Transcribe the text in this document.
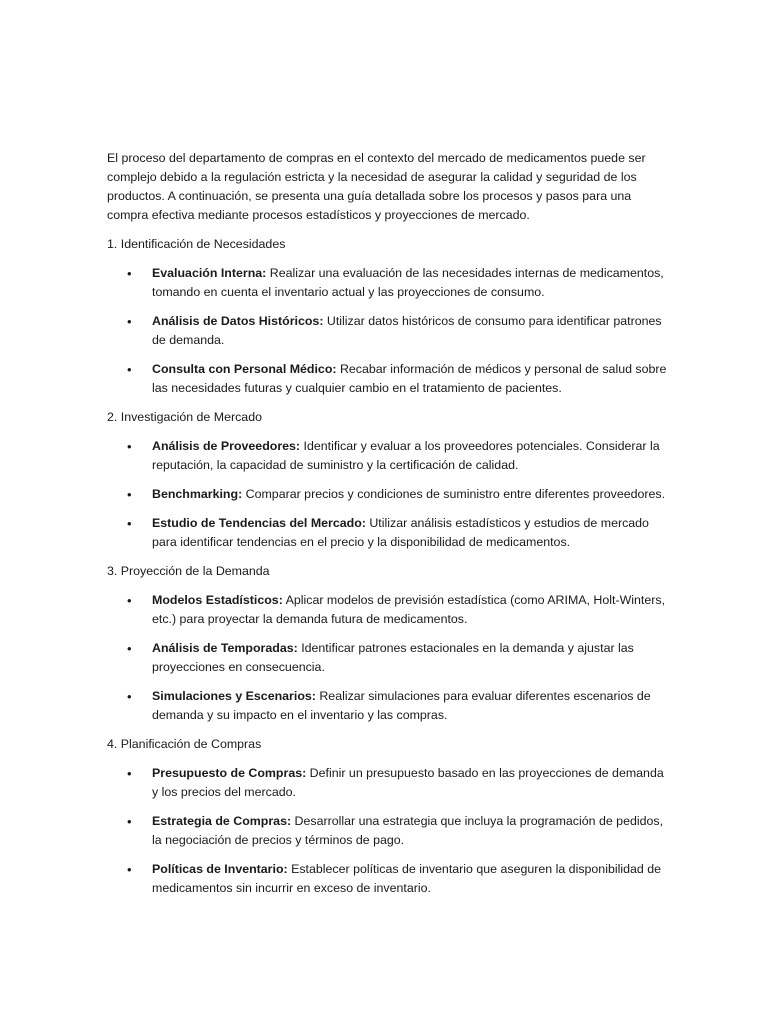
El proceso del departamento de compras en el contexto del mercado de medicamentos puede ser complejo debido a la regulación estricta y la necesidad de asegurar la calidad y seguridad de los productos. A continuación, se presenta una guía detallada sobre los procesos y pasos para una compra efectiva mediante procesos estadísticos y proyecciones de mercado.

1. Identificación de Necesidades

• Evaluación Interna: Realizar una evaluación de las necesidades internas de medicamentos, tomando en cuenta el inventario actual y las proyecciones de consumo.
• Análisis de Datos Históricos: Utilizar datos históricos de consumo para identificar patrones de demanda.
• Consulta con Personal Médico: Recabar información de médicos y personal de salud sobre las necesidades futuras y cualquier cambio en el tratamiento de pacientes.

2. Investigación de Mercado

• Análisis de Proveedores: Identificar y evaluar a los proveedores potenciales. Considerar la reputación, la capacidad de suministro y la certificación de calidad.
• Benchmarking: Comparar precios y condiciones de suministro entre diferentes proveedores.
• Estudio de Tendencias del Mercado: Utilizar análisis estadísticos y estudios de mercado para identificar tendencias en el precio y la disponibilidad de medicamentos.

3. Proyección de la Demanda

• Modelos Estadísticos: Aplicar modelos de previsión estadística (como ARIMA, Holt-Winters, etc.) para proyectar la demanda futura de medicamentos.
• Análisis de Temporadas: Identificar patrones estacionales en la demanda y ajustar las proyecciones en consecuencia.
• Simulaciones y Escenarios: Realizar simulaciones para evaluar diferentes escenarios de demanda y su impacto en el inventario y las compras.

4. Planificación de Compras

• Presupuesto de Compras: Definir un presupuesto basado en las proyecciones de demanda y los precios del mercado.
• Estrategia de Compras: Desarrollar una estrategia que incluya la programación de pedidos, la negociación de precios y términos de pago.
• Políticas de Inventario: Establecer políticas de inventario que aseguren la disponibilidad de medicamentos sin incurrir en exceso de inventario.
